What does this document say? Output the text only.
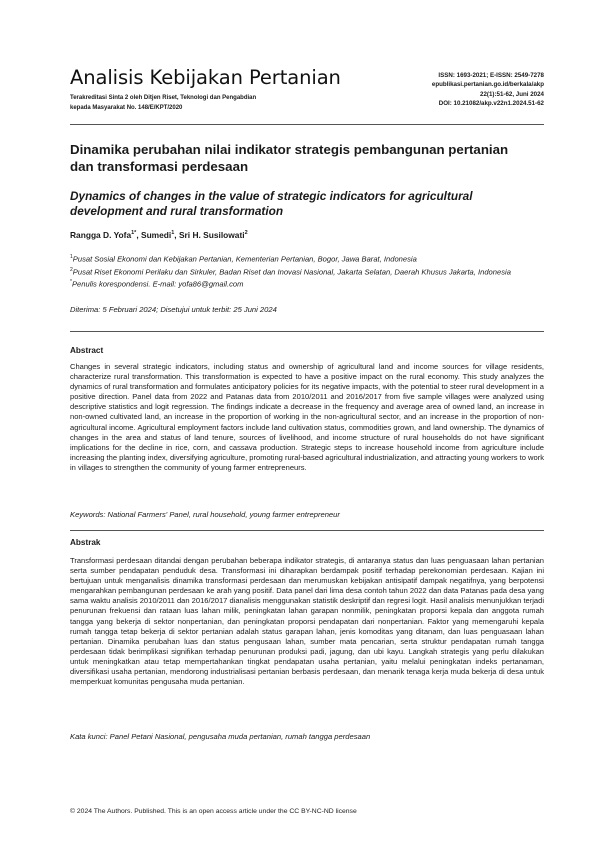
Analisis Kebijakan Pertanian
Terakreditasi Sinta 2 oleh Ditjen Riset, Teknologi dan Pengabdian
kepada Masyarakat No. 148/E/KPT/2020
ISSN: 1693-2021; E-ISSN: 2549-7278
epublikasi.pertanian.go.id/berkala/akp
22(1):51-62, Juni 2024
DOI: 10.21082/akp.v22n1.2024.51-62
Dinamika perubahan nilai indikator strategis pembangunan pertanian dan transformasi perdesaan
Dynamics of changes in the value of strategic indicators for agricultural development and rural transformation
Rangga D. Yofa$^{1*}$, Sumedi$^1$, Sri H. Susilowati$^2$

$^1$Pusat Sosial Ekonomi dan Kebijakan Pertanian, Kementerian Pertanian, Bogor, Jawa Barat, Indonesia

$^2$Pusat Riset Ekonomi Perilaku dan Sirkuler, Badan Riset dan Inovasi Nasional, Jakarta Selatan, Daerah Khusus Jakarta, Indonesia

*Penulis korespondensi. E-mail: yofa86@gmail.com

Diterima: 5 Februari 2024; Disetujui untuk terbit: 25 Juni 2024
Abstract
Changes in several strategic indicators, including status and ownership of agricultural land and income sources for village residents, characterize rural transformation. This transformation is expected to have a positive impact on the rural economy. This study analyzes the dynamics of rural transformation and formulates anticipatory policies for its negative impacts, with the potential to steer rural development in a positive direction. Panel data from 2022 and Patanas data from 2010/2011 and 2016/2017 from five sample villages were analyzed using descriptive statistics and logit regression. The findings indicate a decrease in the frequency and average area of owned land, an increase in non-owned cultivated land, an increase in the proportion of working in the non-agricultural sector, and an increase in the proportion of non-agricultural income. Agricultural employment factors include land cultivation status, commodities grown, and land ownership. The dynamics of changes in the area and status of land tenure, sources of livelihood, and income structure of rural households do not have significant implications for the decline in rice, corn, and cassava production. Strategic steps to increase household income from agriculture include increasing the planting index, diversifying agriculture, promoting rural-based agricultural industrialization, and attracting young workers to work in villages to strengthen the community of young farmer entrepreneurs.
Keywords: National Farmers' Panel, rural household, young farmer entrepreneur
Abstrak
Transformasi perdesaan ditandai dengan perubahan beberapa indikator strategis, di antaranya status dan luas penguasaan lahan pertanian serta sumber pendapatan penduduk desa. Transformasi ini diharapkan berdampak positif terhadap perekonomian perdesaan. Kajian ini bertujuan untuk menganalisis dinamika transformasi perdesaan dan merumuskan kebijakan antisipatif dampak negatifnya, yang berpotensi mengarahkan pembangunan perdesaan ke arah yang positif. Data panel dari lima desa contoh tahun 2022 dan data Patanas pada desa yang sama waktu analisis 2010/2011 dan 2016/2017 dianalisis menggunakan statistik deskriptif dan regresi logit. Hasil analisis menunjukkan terjadi penurunan frekuensi dan rataan luas lahan milik, peningkatan lahan garapan nonmilik, peningkatan proporsi kepala dan anggota rumah tangga yang bekerja di sektor nonpertanian, dan peningkatan proporsi pendapatan dari nonpertanian. Faktor yang memengaruhi kepala rumah tangga tetap bekerja di sektor pertanian adalah status garapan lahan, jenis komoditas yang ditanam, dan luas penguasaan lahan pertanian. Dinamika perubahan luas dan status pengusaan lahan, sumber mata pencarian, serta struktur pendapatan rumah tangga perdesaan tidak berimplikasi signifikan terhadap penurunan produksi padi, jagung, dan ubi kayu. Langkah strategis yang perlu dilakukan untuk meningkatkan atau tetap mempertahankan tingkat pendapatan usaha pertanian, yaitu melalui peningkatan indeks pertanaman, diversifikasi usaha pertanian, mendorong industrialisasi pertanian berbasis perdesaan, dan menarik tenaga kerja muda bekerja di desa untuk memperkuat komunitas pengusaha muda pertanian.
Kata kunci: Panel Petani Nasional, pengusaha muda pertanian, rumah tangga perdesaan
© 2024 The Authors. Published. This is an open access article under the CC BY-NC-ND license
